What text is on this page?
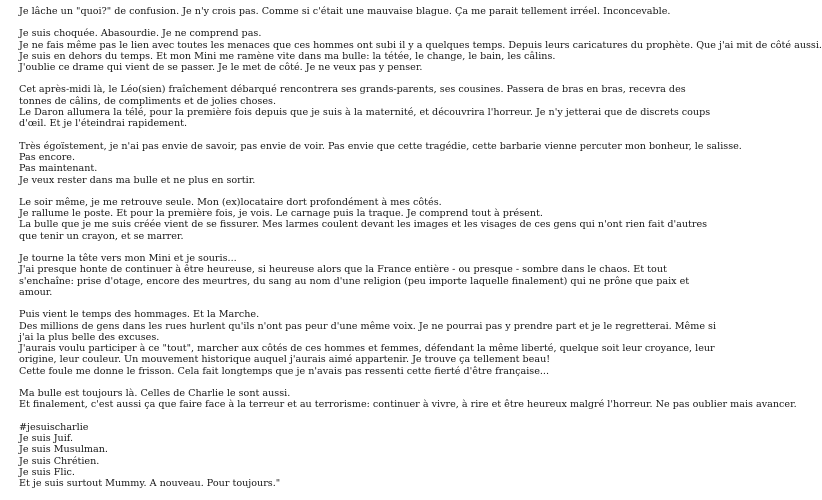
Je lâche un "quoi?" de confusion. Je n'y crois pas. Comme si c'était une mauvaise blague. Ça me parait tellement irréel. Inconcevable.
Je suis choquée. Abasourdie. Je ne comprend pas.
Je ne fais même pas le lien avec toutes les menaces que ces hommes ont subi il y a quelques temps. Depuis leurs caricatures du prophète. Que j'ai mit de côté aussi.
Je suis en dehors du temps. Et mon Mini me ramène vite dans ma bulle: la tétée, le change, le bain, les câlins.
J'oublie ce drame qui vient de se passer. Je le met de côté. Je ne veux pas y penser.
Cet après-midi là, le Léo(sien) fraîchement débarqué rencontrera ses grands-parents, ses cousines. Passera de bras en bras, recevra des tonnes de câlins, de compliments et de jolies choses.
Le Daron allumera la télé, pour la première fois depuis que je suis à la maternité, et découvrira l'horreur. Je n'y jetterai que de discrets coups d'œil. Et je l'éteindrai rapidement.
Très égoïstement, je n'ai pas envie de savoir, pas envie de voir. Pas envie que cette tragédie, cette barbarie vienne percuter mon bonheur, le salisse.
Pas encore.
Pas maintenant.
Je veux rester dans ma bulle et ne plus en sortir.
Le soir même, je me retrouve seule. Mon (ex)locataire dort profondément à mes côtés.
Je rallume le poste. Et pour la première fois, je vois. Le carnage puis la traque. Je comprend tout à présent.
La bulle que je me suis créée vient de se fissurer. Mes larmes coulent devant les images et les visages de ces gens qui n'ont rien fait d'autres que tenir un crayon, et se marrer.
Je tourne la tête vers mon Mini et je souris...
J'ai presque honte de continuer à être heureuse, si heureuse alors que la France entière - ou presque - sombre dans le chaos. Et tout s'enchaîne: prise d'otage, encore des meurtres, du sang au nom d'une religion (peu importe laquelle finalement) qui ne prône que paix et amour.
Puis vient le temps des hommages. Et la Marche.
Des millions de gens dans les rues hurlent qu'ils n'ont pas peur d'une même voix. Je ne pourrai pas y prendre part et je le regretterai. Même si j'ai la plus belle des excuses.
J'aurais voulu participer à ce "tout", marcher aux côtés de ces hommes et femmes, défendant la même liberté, quelque soit leur croyance, leur origine, leur couleur. Un mouvement historique auquel j'aurais aimé appartenir. Je trouve ça tellement beau!
Cette foule me donne le frisson. Cela fait longtemps que je n'avais pas ressenti cette fierté d'être française...
Ma bulle est toujours là. Celles de Charlie le sont aussi.
Et finalement, c'est aussi ça que faire face à la terreur et au terrorisme: continuer à vivre, à rire et être heureux malgré l'horreur. Ne pas oublier mais avancer.
#jesuischarlie
Je suis Juif.
Je suis Musulman.
Je suis Chrétien.
Je suis Flic.
Et je suis surtout Mummy. A nouveau. Pour toujours."
